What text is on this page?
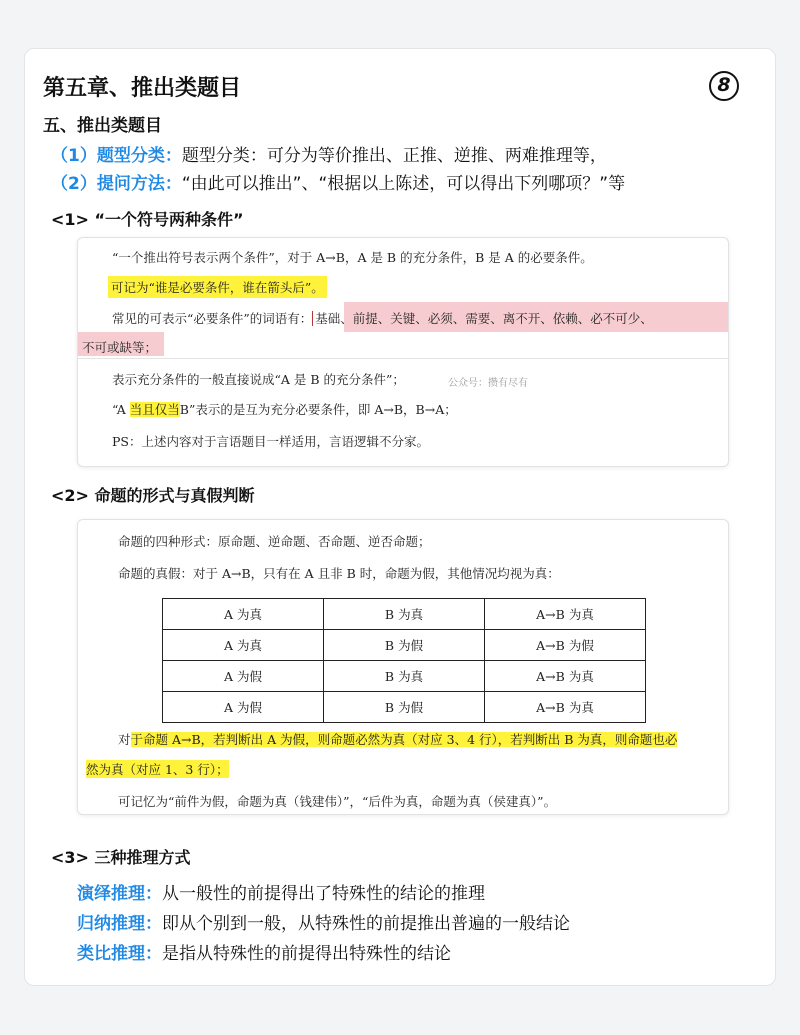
第五章、推出类题目	8
五、推出类题目
（1）题型分类：题型分类：可分为等价推出、正推、逆推、两难推理等，
（2）提问方法：“由此可以推出”、“根据以上陈述，可以得出下列哪项？”等
<1> “一个符号两种条件”
“一个推出符号表示两个条件”，对于 A→B，A 是 B 的充分条件，B 是 A 的必要条件。
可记为“谁是必要条件，谁在箭头后”。
常见的可表示“必要条件”的词语有： 基础、前提、关键、必须、需要、离不开、依赖、必不可少、
不可或缺等；
表示充分条件的一般直接说成“A 是 B 的充分条件”；	公众号：攒有尽有
“A 当且仅当B”表示的是互为充分必要条件，即 A→B，B→A；
PS：上述内容对于言语题目一样适用，言语逻辑不分家。
<2> 命题的形式与真假判断
命题的四种形式：原命题、逆命题、否命题、逆否命题；
命题的真假：对于 A→B，只有在 A 且非 B 时，命题为假，其他情况均视为真：
A 为真	B 为真	A→B 为真
A 为真	B 为假	A→B 为假
A 为假	B 为真	A→B 为真
A 为假	B 为假	A→B 为真
对于命题 A→B，若判断出 A 为假，则命题必然为真（对应 3、4 行），若判断出 B 为真，则命题也必
然为真（对应 1、3 行）；
可记忆为“前件为假，命题为真（钱建伟）”，“后件为真，命题为真（侯建真）”。
<3> 三种推理方式
演绎推理：从一般性的前提得出了特殊性的结论的推理
归纳推理：即从个别到一般，从特殊性的前提推出普遍的一般结论
类比推理：是指从特殊性的前提得出特殊性的结论
